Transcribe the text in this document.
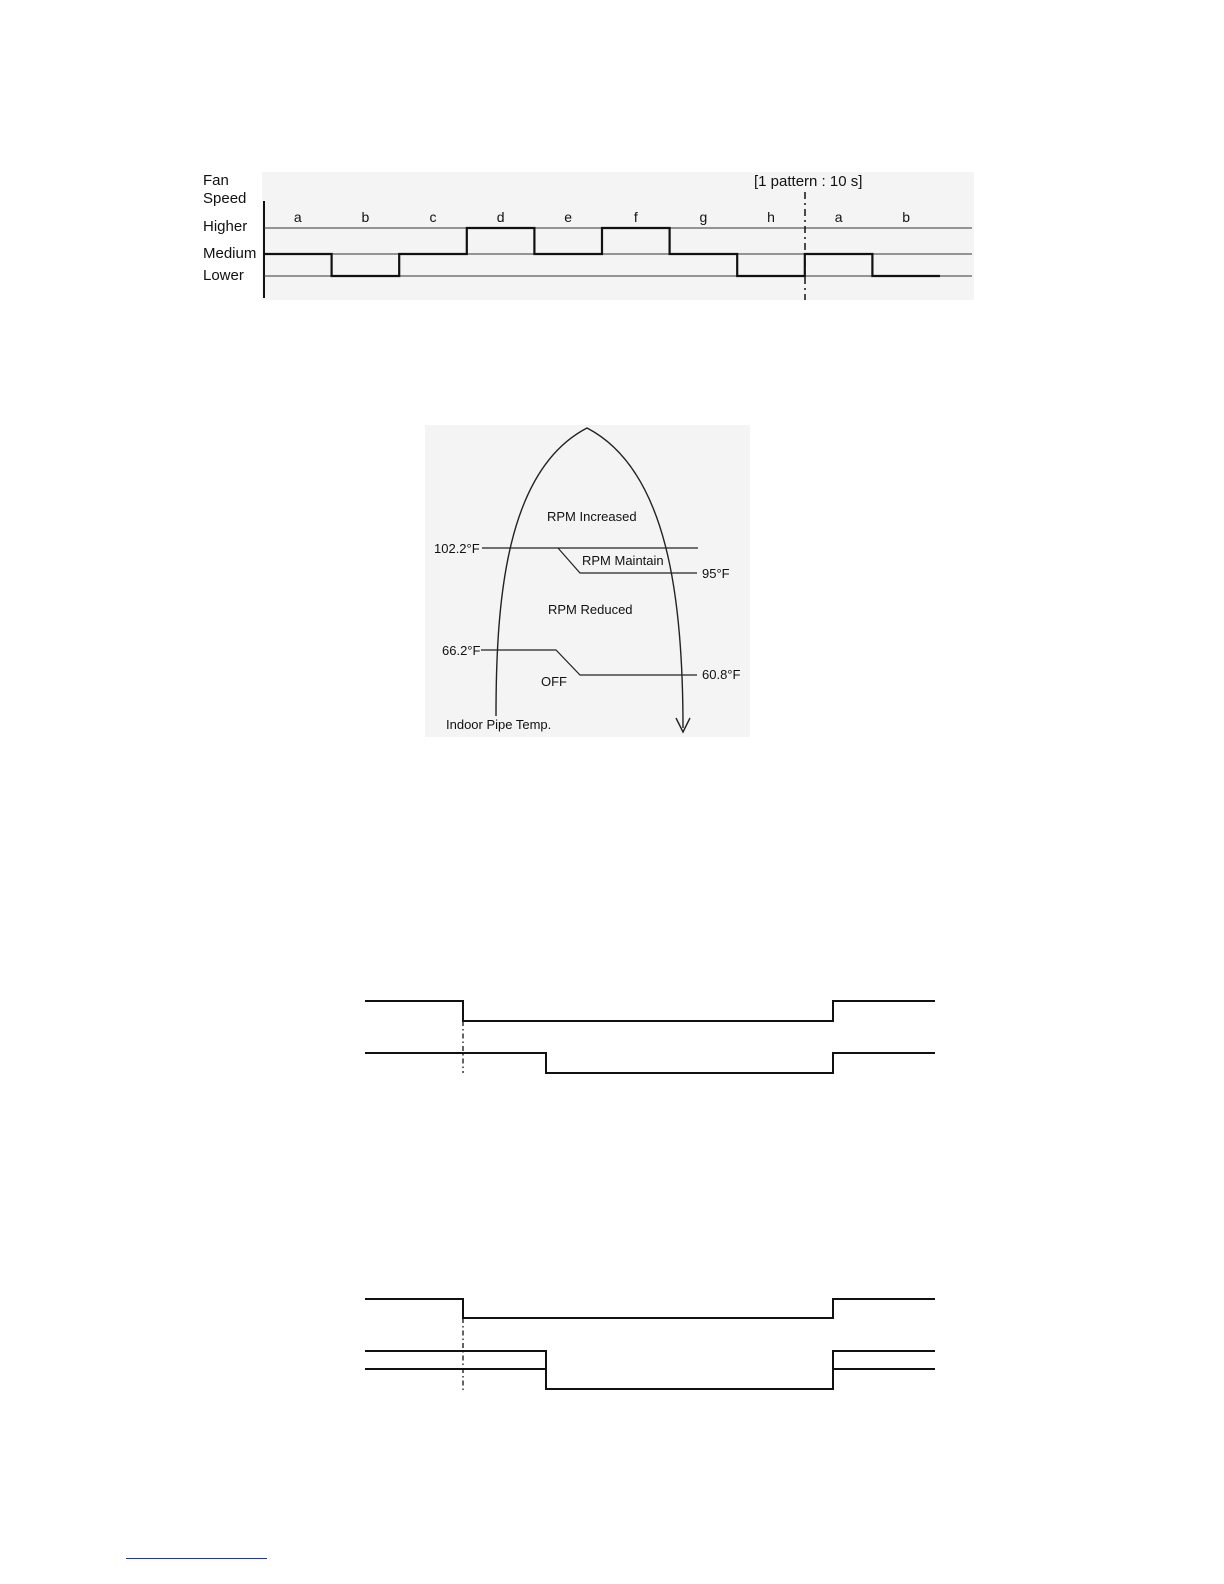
Fan
Speed
Higher
Medium
Lower
[1 pattern : 10 s]
a	b	c	d	e	f	g	h	a	b
RPM Increased
102.2°F
RPM Maintain
95°F
RPM Reduced
66.2°F
60.8°F
OFF
Indoor Pipe Temp.
